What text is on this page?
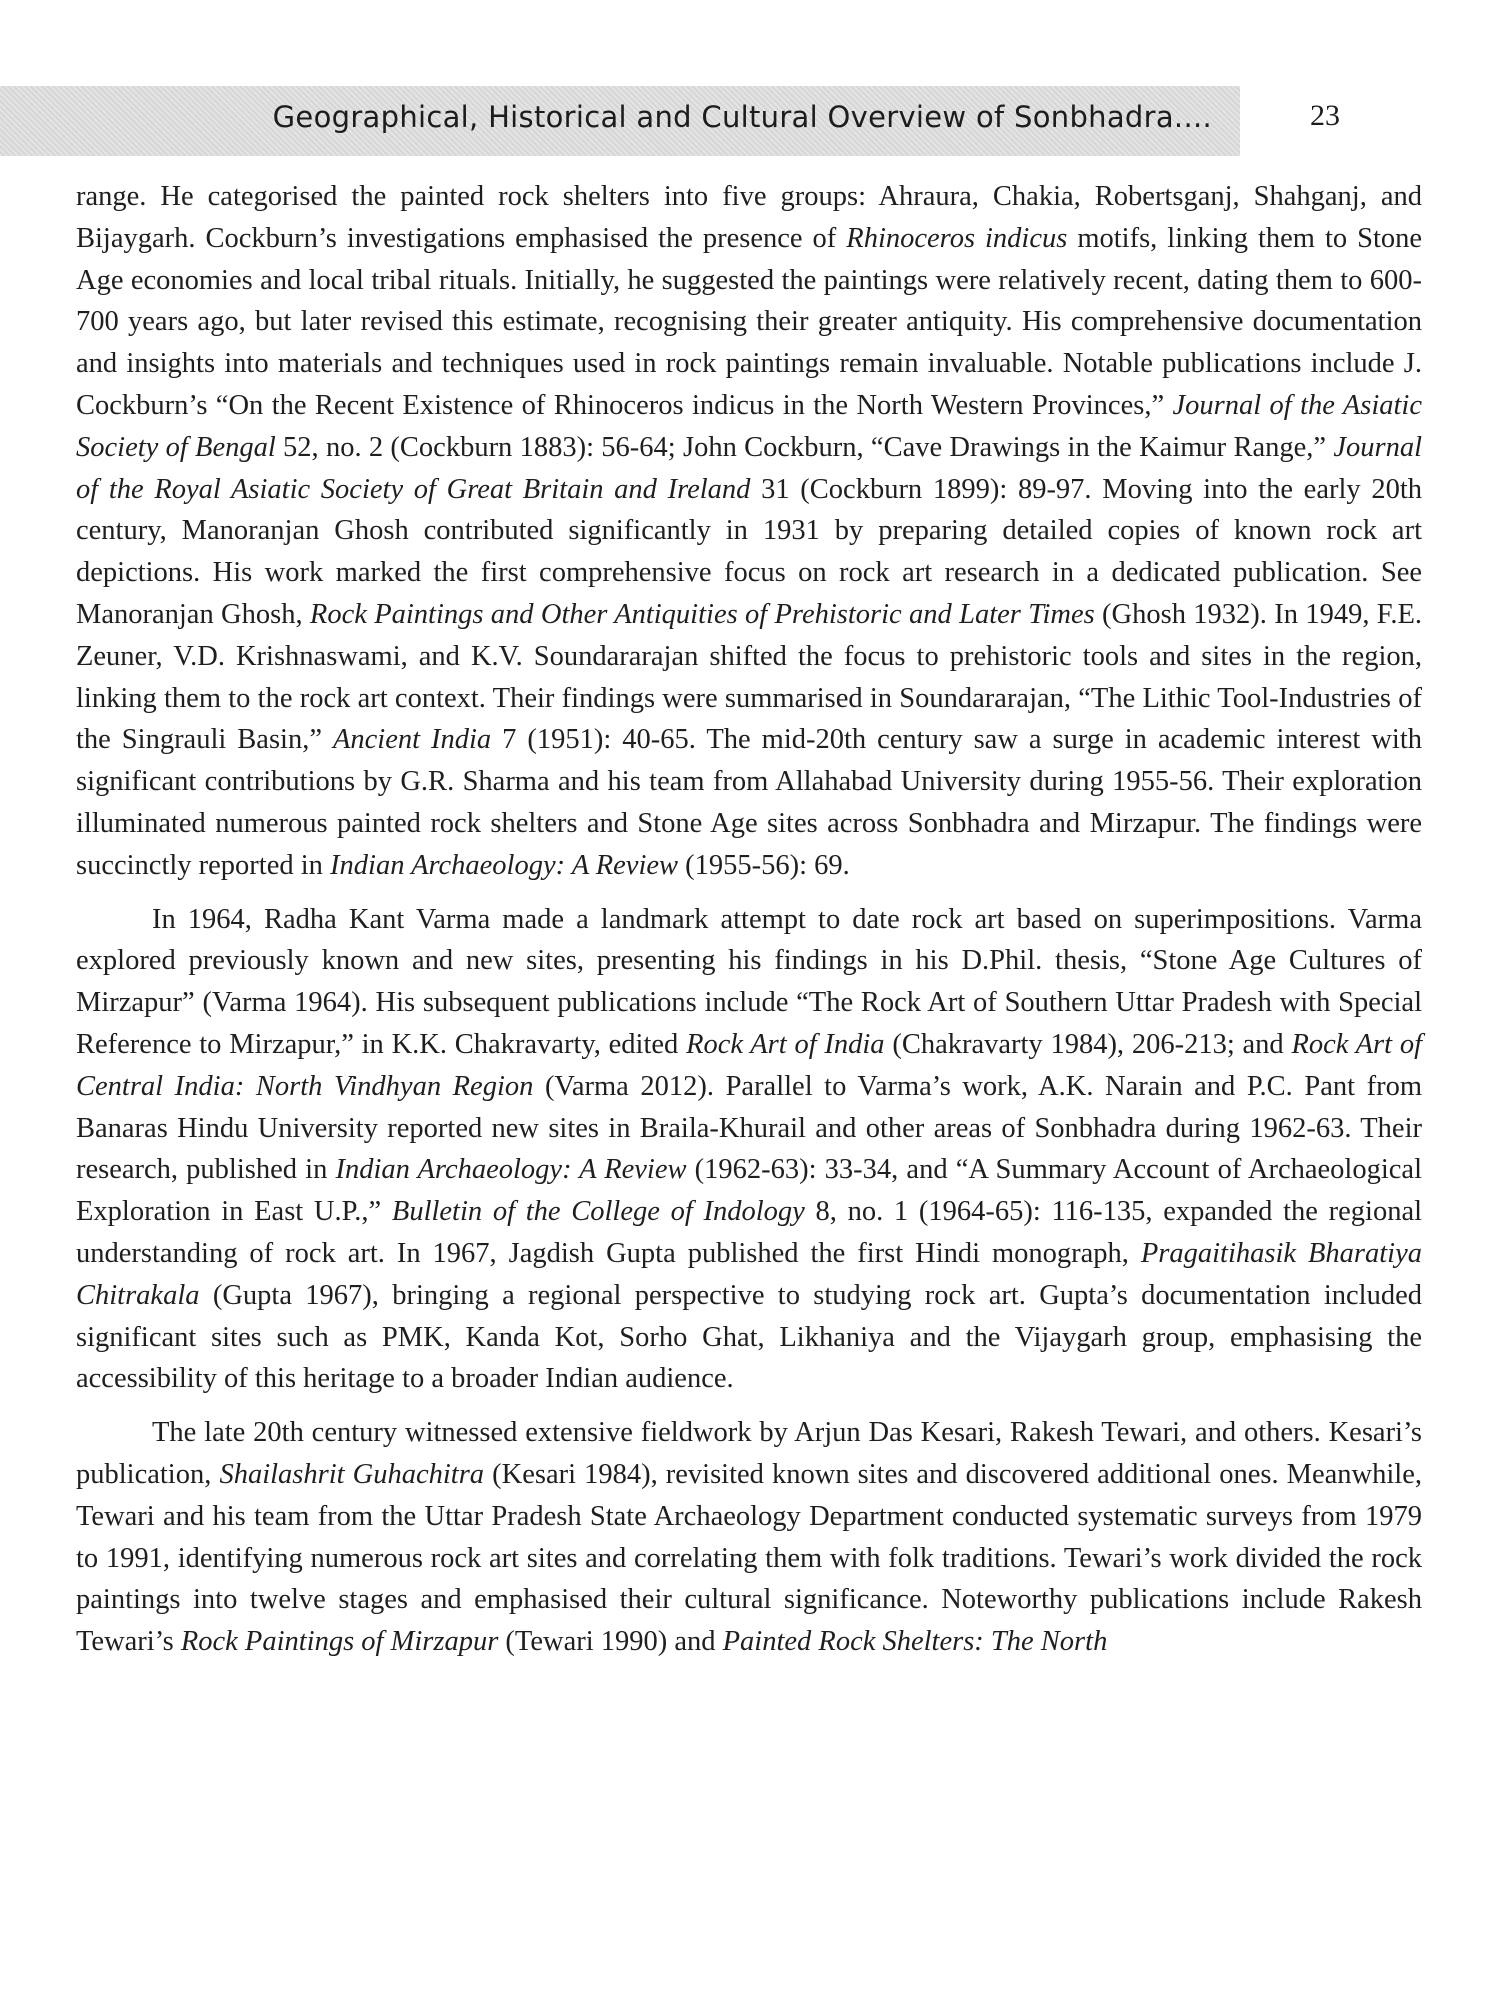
Geographical, Historical and Cultural Overview of Sonbhadra....	23

range. He categorised the painted rock shelters into five groups: Ahraura, Chakia, Robertsganj, Shahganj, and Bijaygarh. Cockburn’s investigations emphasised the presence of Rhinoceros indicus motifs, linking them to Stone Age economies and local tribal rituals. Initially, he suggested the paintings were relatively recent, dating them to 600-700 years ago, but later revised this estimate, recognising their greater antiquity. His comprehensive documentation and insights into materials and techniques used in rock paintings remain invaluable. Notable publications include J. Cockburn’s “On the Recent Existence of Rhinoceros indicus in the North Western Provinces,” Journal of the Asiatic Society of Bengal 52, no. 2 (Cockburn 1883): 56-64; John Cockburn, “Cave Drawings in the Kaimur Range,” Journal of the Royal Asiatic Society of Great Britain and Ireland 31 (Cockburn 1899): 89-97. Moving into the early 20th century, Manoranjan Ghosh contributed significantly in 1931 by preparing detailed copies of known rock art depictions. His work marked the first comprehensive focus on rock art research in a dedicated publication. See Manoranjan Ghosh, Rock Paintings and Other Antiquities of Prehistoric and Later Times (Ghosh 1932). In 1949, F.E. Zeuner, V.D. Krishnaswami, and K.V. Soundararajan shifted the focus to prehistoric tools and sites in the region, linking them to the rock art context. Their findings were summarised in Soundararajan, “The Lithic Tool-Industries of the Singrauli Basin,” Ancient India 7 (1951): 40-65. The mid-20th century saw a surge in academic interest with significant contributions by G.R. Sharma and his team from Allahabad University during 1955-56. Their exploration illuminated numerous painted rock shelters and Stone Age sites across Sonbhadra and Mirzapur. The findings were succinctly reported in Indian Archaeology: A Review (1955-56): 69.

In 1964, Radha Kant Varma made a landmark attempt to date rock art based on superimpositions. Varma explored previously known and new sites, presenting his findings in his D.Phil. thesis, “Stone Age Cultures of Mirzapur” (Varma 1964). His subsequent publications include “The Rock Art of Southern Uttar Pradesh with Special Reference to Mirzapur,” in K.K. Chakravarty, edited Rock Art of India (Chakravarty 1984), 206-213; and Rock Art of Central India: North Vindhyan Region (Varma 2012). Parallel to Varma’s work, A.K. Narain and P.C. Pant from Banaras Hindu University reported new sites in Braila-Khurail and other areas of Sonbhadra during 1962-63. Their research, published in Indian Archaeology: A Review (1962-63): 33-34, and “A Summary Account of Archaeological Exploration in East U.P.,” Bulletin of the College of Indology 8, no. 1 (1964-65): 116-135, expanded the regional understanding of rock art. In 1967, Jagdish Gupta published the first Hindi monograph, Pragaitihasik Bharatiya Chitrakala (Gupta 1967), bringing a regional perspective to studying rock art. Gupta’s documentation included significant sites such as PMK, Kanda Kot, Sorho Ghat, Likhaniya and the Vijaygarh group, emphasising the accessibility of this heritage to a broader Indian audience.

The late 20th century witnessed extensive fieldwork by Arjun Das Kesari, Rakesh Tewari, and others. Kesari’s publication, Shailashrit Guhachitra (Kesari 1984), revisited known sites and discovered additional ones. Meanwhile, Tewari and his team from the Uttar Pradesh State Archaeology Department conducted systematic surveys from 1979 to 1991, identifying numerous rock art sites and correlating them with folk traditions. Tewari’s work divided the rock paintings into twelve stages and emphasised their cultural significance. Noteworthy publications include Rakesh Tewari’s Rock Paintings of Mirzapur (Tewari 1990) and Painted Rock Shelters: The North
